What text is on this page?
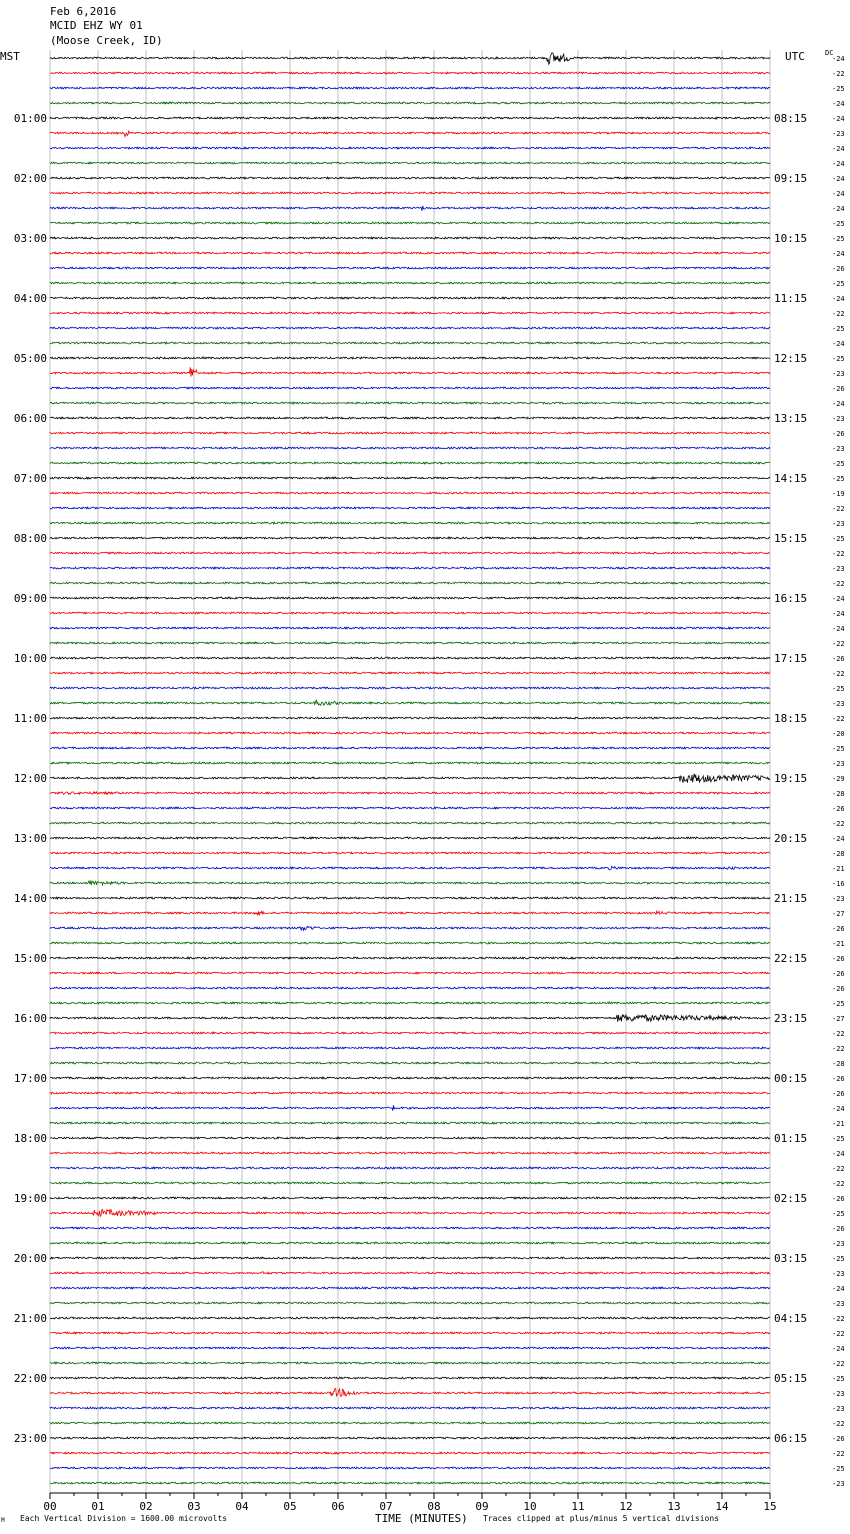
Feb 6,2016
MCID EHZ WY 01
(Moose Creek, ID)
MST	UTC	DC
00	01	02	03	04	05	06	07	08	09	10	11	12	13	14	15
-24
-22
-25
-24
-24
-23
-24
-24
-24
-24
-24
-25
-25
-24
-26
-25
-24
-22
-25
-24
-25
-23
-26
-24
-23
-26
-23
-25
-25
-19
-22
-23
-25
-22
-23
-22
-24
-24
-24
-22
-26
-22
-25
-23
-22
-20
-25
-23
-29
-28
-26
-22
-24
-28
-21
-16
-23
-27
-26
-21
-26
-26
-26
-25
-27
-22
-22
-28
-26
-26
-24
-21
-25
-24
-22
-22
-26
-25
-26
-23
-25
-23
-24
-23
-22
-22
-24
-22
-25
-23
-23
-22
-26
-22
-25
-23
01:00
02:00
03:00
04:00
05:00
06:00
07:00
08:00
09:00
10:00
11:00
12:00
13:00
14:00
15:00
16:00
17:00
18:00
19:00
20:00
21:00
22:00
23:00
08:15
09:15
10:15
11:15
12:15
13:15
14:15
15:15
16:15
17:15
18:15
19:15
20:15
21:15
22:15
23:15
00:15
01:15
02:15
03:15
04:15
05:15
06:15
M Each Vertical Division = 1600.00 microvolts	TIME (MINUTES) Traces clipped at plus/minus 5 vertical divisions
